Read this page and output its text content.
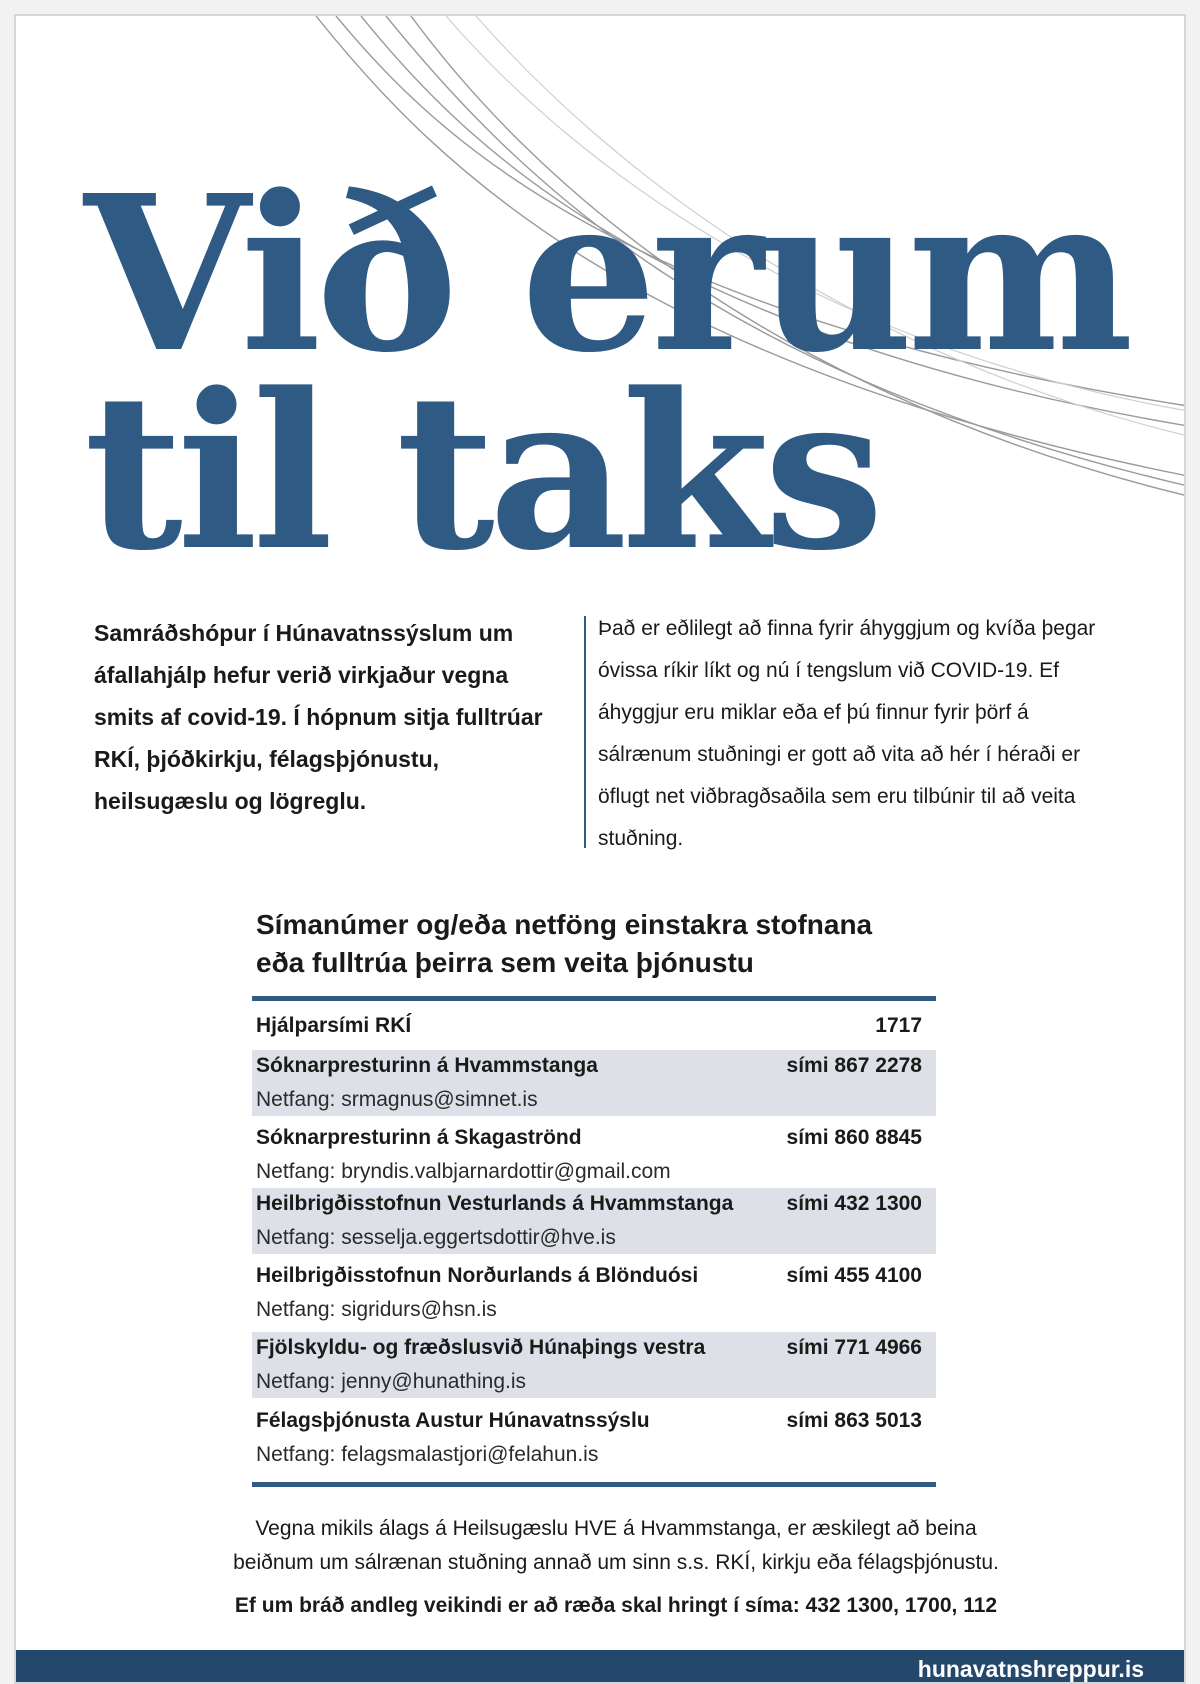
Við erum
til taks

Samráðshópur í Húnavatnssýslum um áfallahjálp hefur verið virkjaður vegna smits af covid-19. Í hópnum sitja fulltrúar RKÍ, þjóðkirkju, félagsþjónustu, heilsugæslu og lögreglu.

Það er eðlilegt að finna fyrir áhyggjum og kvíða þegar óvissa ríkir líkt og nú í tengslum við COVID-19. Ef áhyggjur eru miklar eða ef þú finnur fyrir þörf á sálrænum stuðningi er gott að vita að hér í héraði er öflugt net viðbragðsaðila sem eru tilbúnir til að veita stuðning.

Símanúmer og/eða netföng einstakra stofnana
eða fulltrúa þeirra sem veita þjónustu
Hjálparsími RKÍ	1717
Sóknarpresturinn á Hvammstanga	sími 867 2278
Netfang: srmagnus@simnet.is
Sóknarpresturinn á Skagaströnd	sími 860 8845
Netfang: bryndis.valbjarnardottir@gmail.com
Heilbrigðisstofnun Vesturlands á Hvammstanga	sími 432 1300
Netfang: sesselja.eggertsdottir@hve.is
Heilbrigðisstofnun Norðurlands á Blönduósi	sími 455 4100
Netfang: sigridurs@hsn.is
Fjölskyldu- og fræðslusvið Húnaþings vestra	sími 771 4966
Netfang: jenny@hunathing.is
Félagsþjónusta Austur Húnavatnssýslu	sími 863 5013
Netfang: felagsmalastjori@felahun.is

Vegna mikils álags á Heilsugæslu HVE á Hvammstanga, er æskilegt að beina
beiðnum um sálrænan stuðning annað um sinn s.s. RKÍ, kirkju eða félagsþjónustu.

Ef um bráð andleg veikindi er að ræða skal hringt í síma: 432 1300, 1700, 112

hunavatnshreppur.is
